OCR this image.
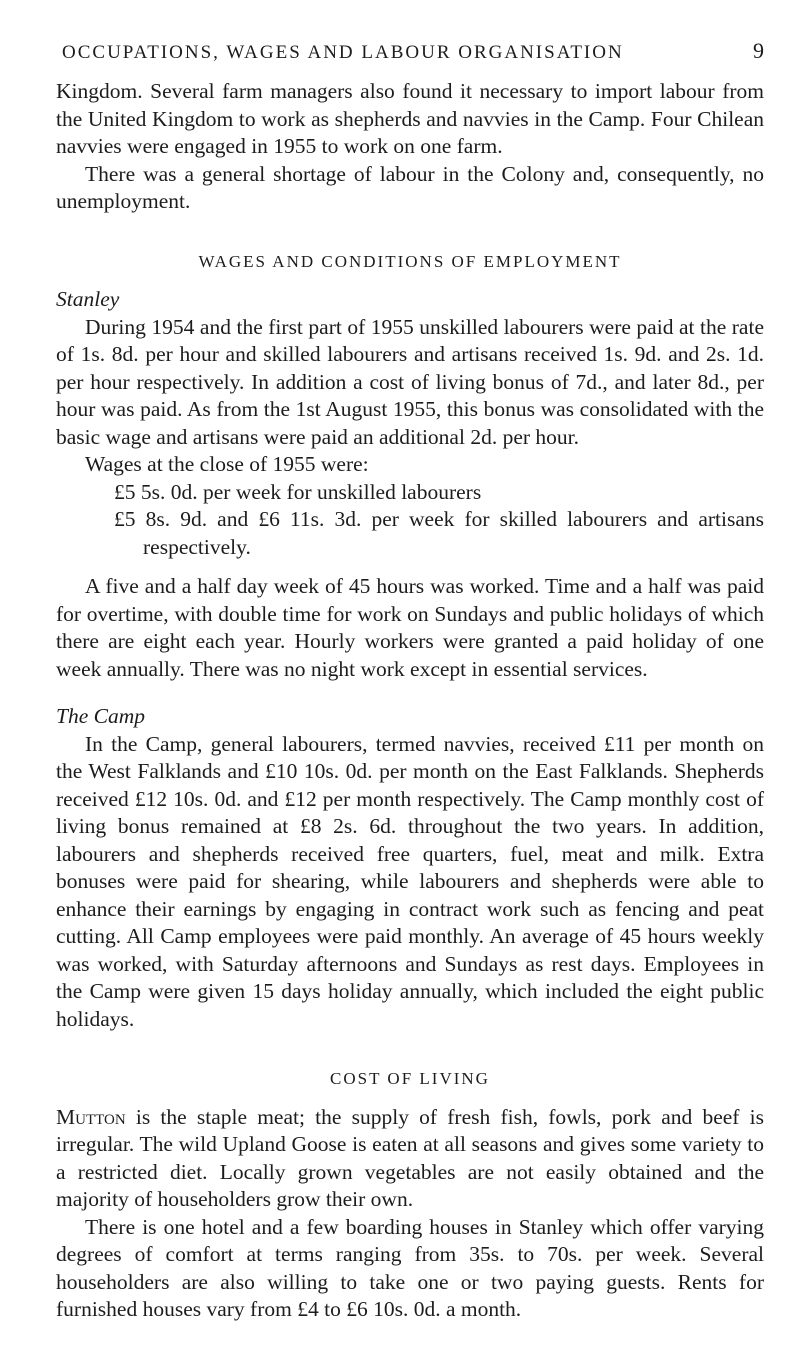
OCCUPATIONS, WAGES AND LABOUR ORGANISATION	9

Kingdom. Several farm managers also found it necessary to import labour from the United Kingdom to work as shepherds and navvies in the Camp. Four Chilean navvies were engaged in 1955 to work on one farm.

There was a general shortage of labour in the Colony and, consequently, no unemployment.

WAGES AND CONDITIONS OF EMPLOYMENT

Stanley

During 1954 and the first part of 1955 unskilled labourers were paid at the rate of 1s. 8d. per hour and skilled labourers and artisans received 1s. 9d. and 2s. 1d. per hour respectively. In addition a cost of living bonus of 7d., and later 8d., per hour was paid. As from the 1st August 1955, this bonus was consolidated with the basic wage and artisans were paid an additional 2d. per hour.

Wages at the close of 1955 were:

£5 5s. 0d. per week for unskilled labourers

£5 8s. 9d. and £6 11s. 3d. per week for skilled labourers and artisans respectively.

A five and a half day week of 45 hours was worked. Time and a half was paid for overtime, with double time for work on Sundays and public holidays of which there are eight each year. Hourly workers were granted a paid holiday of one week annually. There was no night work except in essential services.

The Camp

In the Camp, general labourers, termed navvies, received £11 per month on the West Falklands and £10 10s. 0d. per month on the East Falklands. Shepherds received £12 10s. 0d. and £12 per month respectively. The Camp monthly cost of living bonus remained at £8 2s. 6d. throughout the two years. In addition, labourers and shepherds received free quarters, fuel, meat and milk. Extra bonuses were paid for shearing, while labourers and shepherds were able to enhance their earnings by engaging in contract work such as fencing and peat cutting. All Camp employees were paid monthly. An average of 45 hours weekly was worked, with Saturday afternoons and Sundays as rest days. Employees in the Camp were given 15 days holiday annually, which included the eight public holidays.

COST OF LIVING

Mutton is the staple meat; the supply of fresh fish, fowls, pork and beef is irregular. The wild Upland Goose is eaten at all seasons and gives some variety to a restricted diet. Locally grown vegetables are not easily obtained and the majority of householders grow their own.

There is one hotel and a few boarding houses in Stanley which offer varying degrees of comfort at terms ranging from 35s. to 70s. per week. Several householders are also willing to take one or two paying guests. Rents for furnished houses vary from £4 to £6 10s. 0d. a month.
